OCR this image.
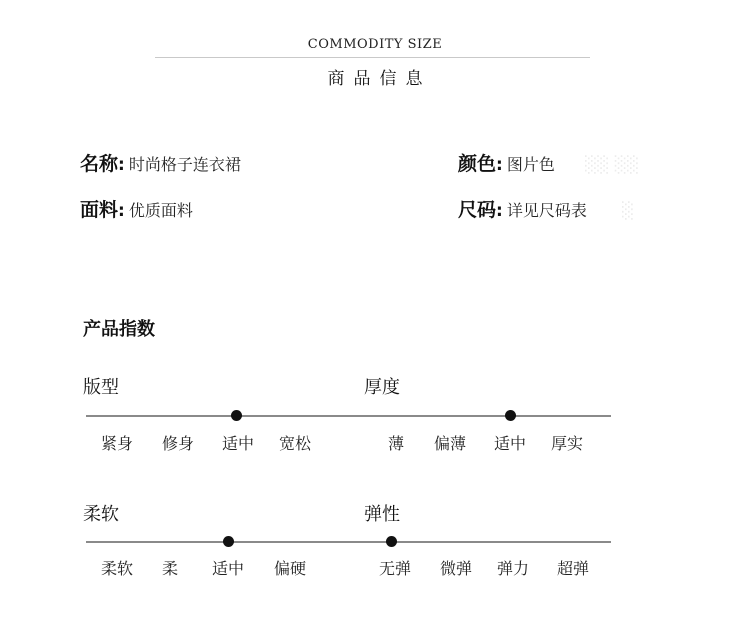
COMMODITY SIZE
商品信息
░░ ░░
░
名称: 时尚格子连衣裙	颜色: 图片色
面料: 优质面料	尺码: 详见尺码表
产品指数
版型
紧身 修身 适中 宽松
厚度
薄 偏薄 适中 厚实
柔软
柔软 柔 适中 偏硬
弹性
无弹 微弹 弹力 超弹
